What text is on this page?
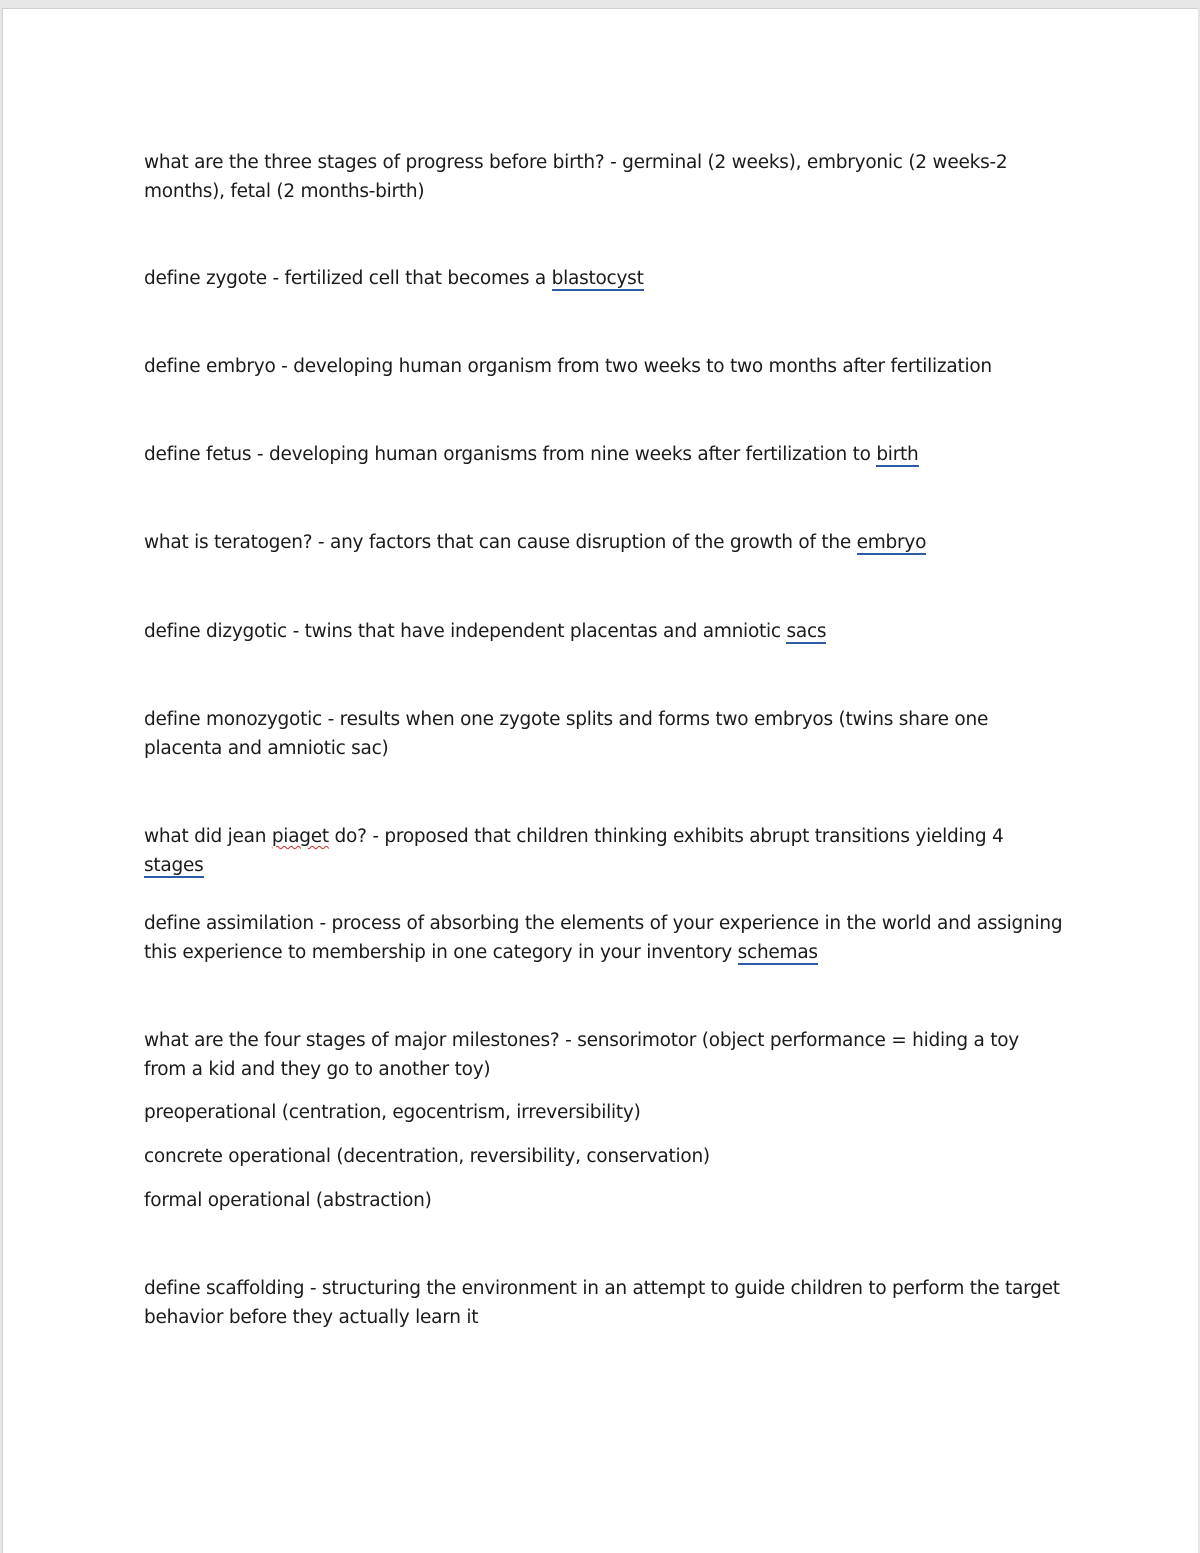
what are the three stages of progress before birth? - germinal (2 weeks), embryonic (2 weeks-2 months), fetal (2 months-birth)

define zygote - fertilized cell that becomes a blastocyst

define embryo - developing human organism from two weeks to two months after fertilization

define fetus - developing human organisms from nine weeks after fertilization to birth

what is teratogen? - any factors that can cause disruption of the growth of the embryo

define dizygotic - twins that have independent placentas and amniotic sacs

define monozygotic - results when one zygote splits and forms two embryos (twins share one placenta and amniotic sac)

what did jean piaget do? - proposed that children thinking exhibits abrupt transitions yielding 4 stages

define assimilation - process of absorbing the elements of your experience in the world and assigning this experience to membership in one category in your inventory schemas

what are the four stages of major milestones? - sensorimotor (object performance = hiding a toy from a kid and they go to another toy)

preoperational (centration, egocentrism, irreversibility)

concrete operational (decentration, reversibility, conservation)

formal operational (abstraction)

define scaffolding - structuring the environment in an attempt to guide children to perform the target behavior before they actually learn it
